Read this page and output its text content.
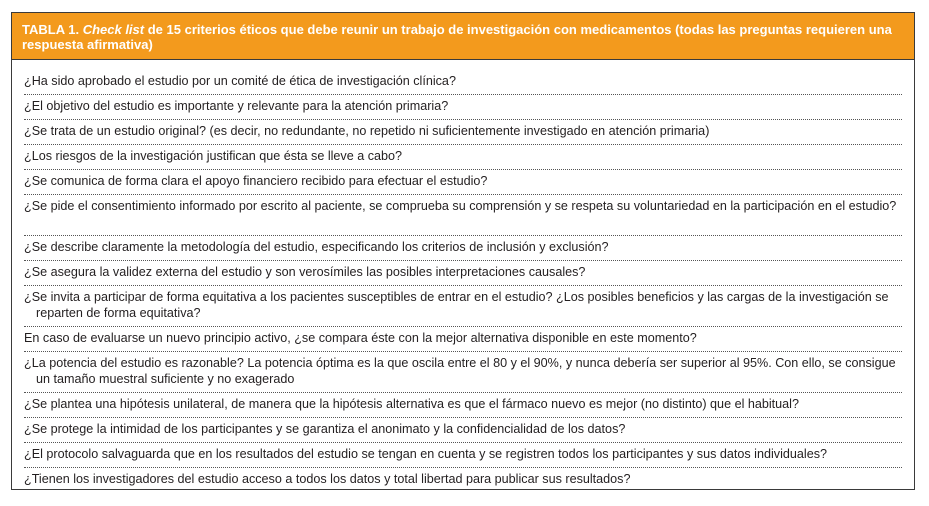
TABLA 1. Check list de 15 criterios éticos que debe reunir un trabajo de investigación con medicamentos (todas las preguntas requieren una respuesta afirmativa)
¿Ha sido aprobado el estudio por un comité de ética de investigación clínica?
¿El objetivo del estudio es importante y relevante para la atención primaria?
¿Se trata de un estudio original? (es decir, no redundante, no repetido ni suficientemente investigado en atención primaria)
¿Los riesgos de la investigación justifican que ésta se lleve a cabo?
¿Se comunica de forma clara el apoyo financiero recibido para efectuar el estudio?
¿Se pide el consentimiento informado por escrito al paciente, se comprueba su comprensión y se respeta su voluntariedad en la participación en el estudio?
¿Se describe claramente la metodología del estudio, especificando los criterios de inclusión y exclusión?
¿Se asegura la validez externa del estudio y son verosímiles las posibles interpretaciones causales?
¿Se invita a participar de forma equitativa a los pacientes susceptibles de entrar en el estudio? ¿Los posibles beneficios y las cargas de la investigación se reparten de forma equitativa?
En caso de evaluarse un nuevo principio activo, ¿se compara éste con la mejor alternativa disponible en este momento?
¿La potencia del estudio es razonable? La potencia óptima es la que oscila entre el 80 y el 90%, y nunca debería ser superior al 95%. Con ello, se consigue un tamaño muestral suficiente y no exagerado
¿Se plantea una hipótesis unilateral, de manera que la hipótesis alternativa es que el fármaco nuevo es mejor (no distinto) que el habitual?
¿Se protege la intimidad de los participantes y se garantiza el anonimato y la confidencialidad de los datos?
¿El protocolo salvaguarda que en los resultados del estudio se tengan en cuenta y se registren todos los participantes y sus datos individuales?
¿Tienen los investigadores del estudio acceso a todos los datos y total libertad para publicar sus resultados?
